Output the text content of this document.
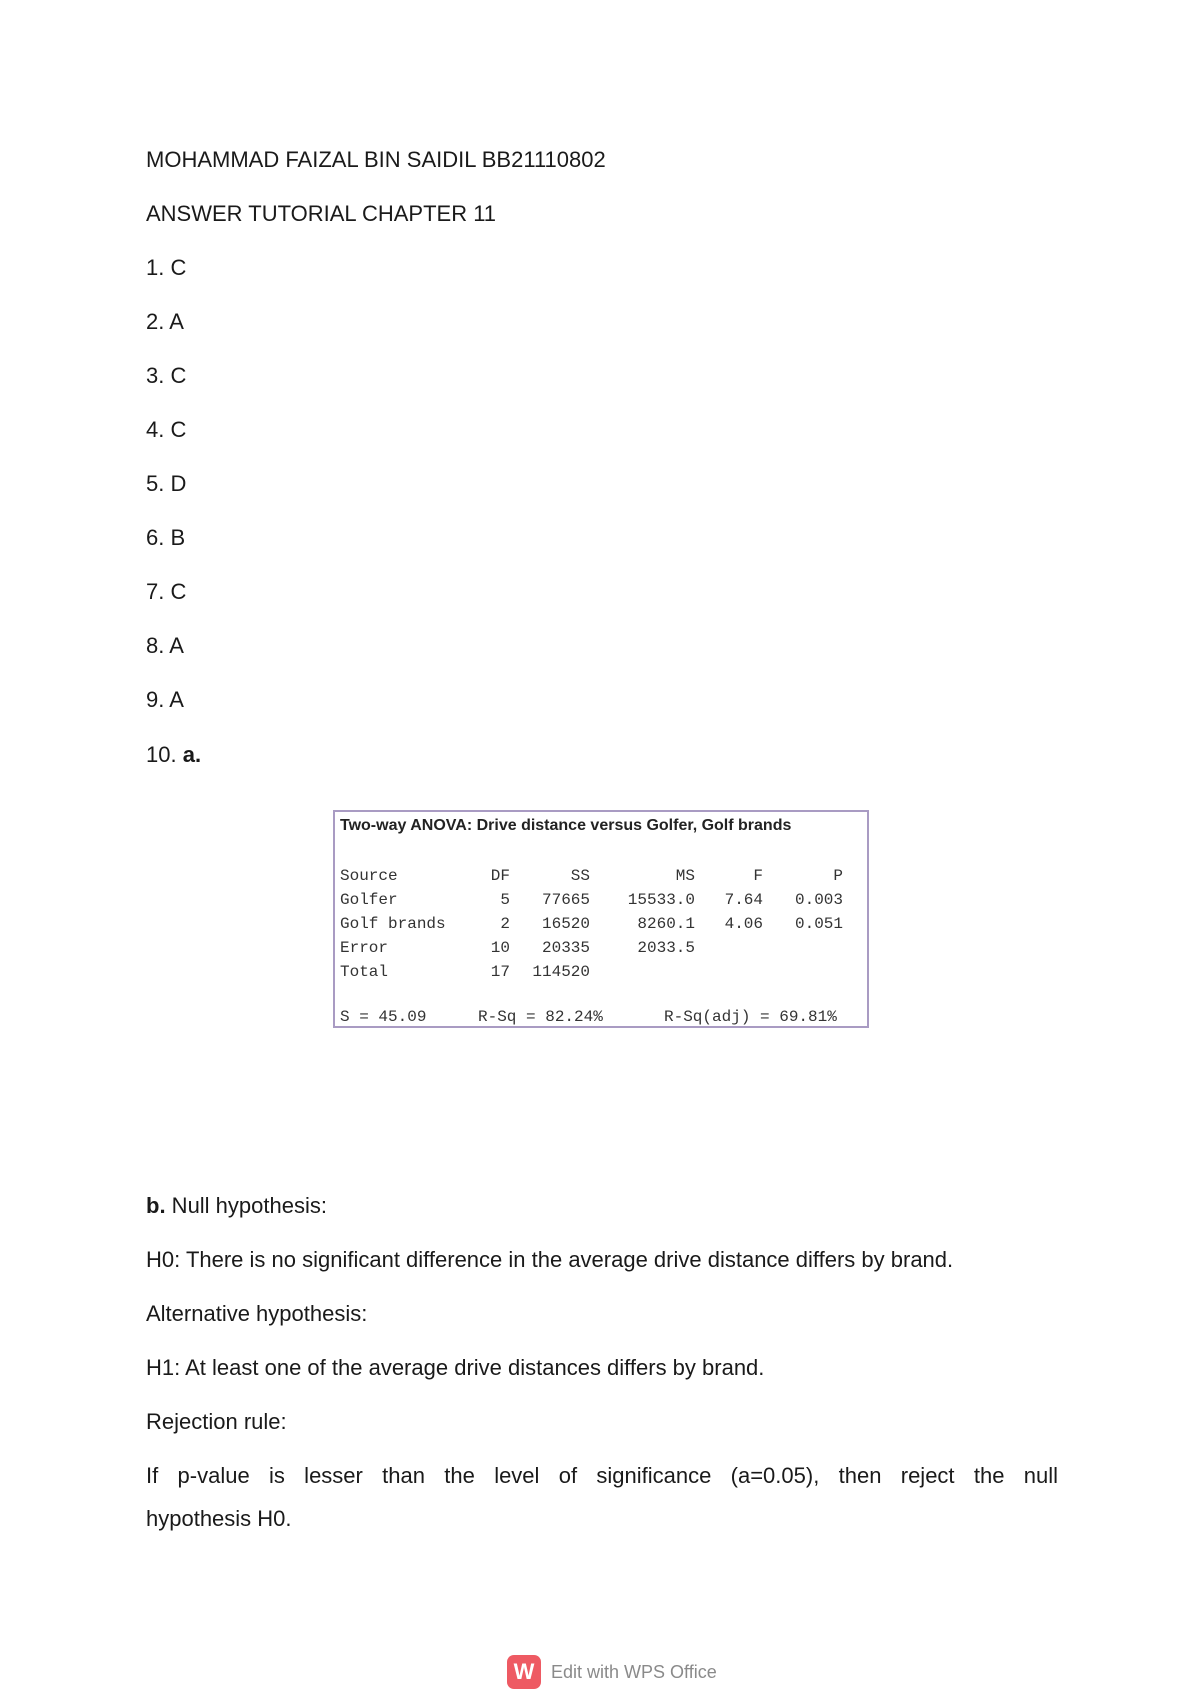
MOHAMMAD FAIZAL BIN SAIDIL BB21110802
ANSWER TUTORIAL CHAPTER 11
1. C
2. A
3. C
4. C
5. D
6. B
7. C
8. A
9. A
10. a.
Two-way ANOVA: Drive distance versus Golfer, Golf brands
Source	DF	SS	MS	F	P
Golfer	5	77665	15533.0	7.64	0.003
Golf brands	2	16520	8260.1	4.06	0.051
Error	10	20335	2033.5		
Total	17	114520			
S = 45.09	R-Sq = 82.24%	R-Sq(adj) = 69.81%
b. Null hypothesis:
H0: There is no significant difference in the average drive distance differs by brand.
Alternative hypothesis:
H1: At least one of the average drive distances differs by brand.
Rejection rule:
If p-value is lesser than the level of significance (a=0.05), then reject the null
hypothesis H0.
W Edit with WPS Office
